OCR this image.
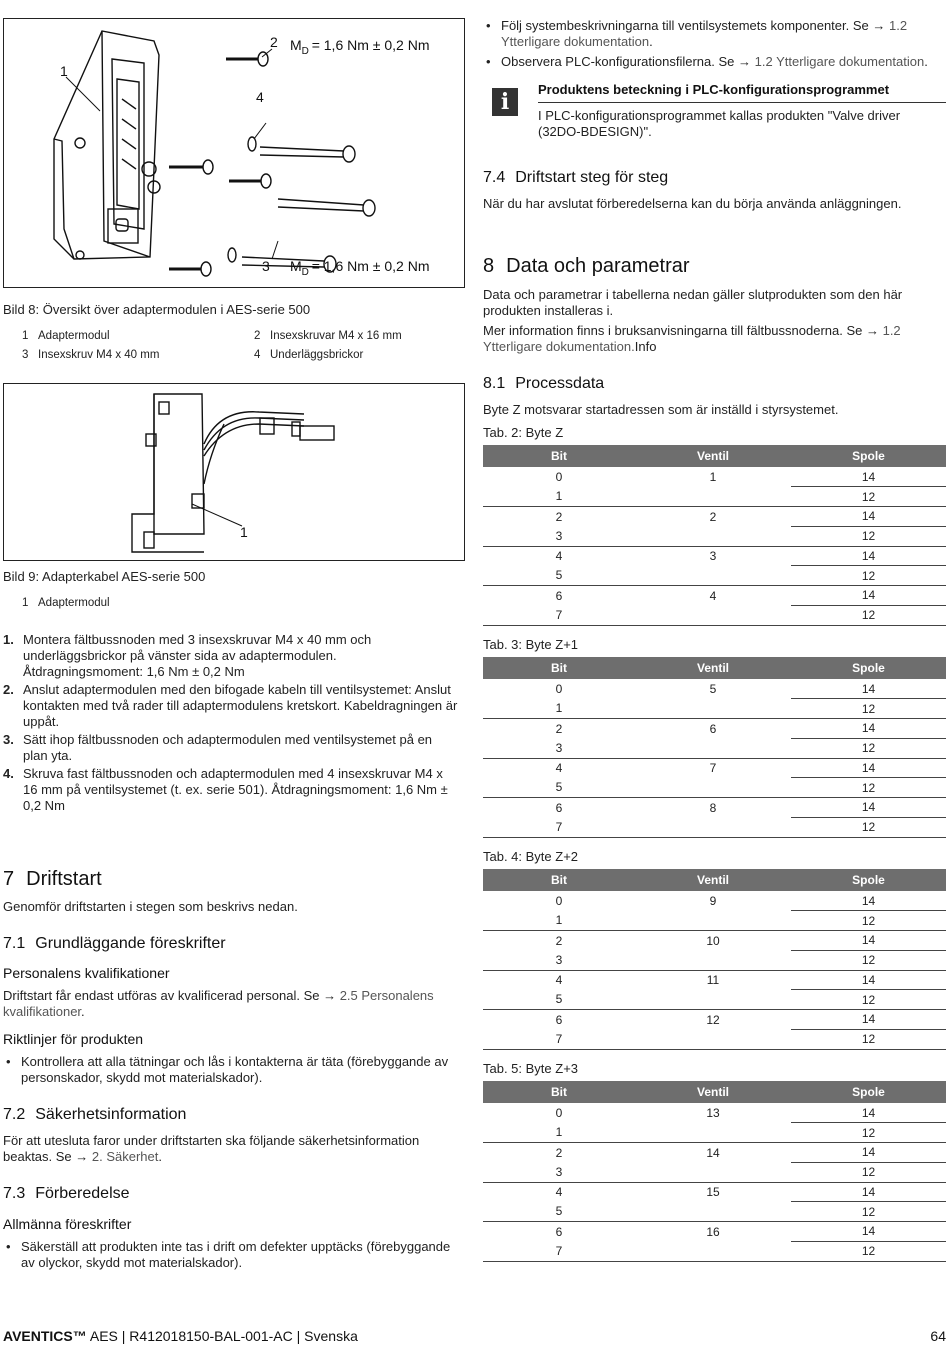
1
2
4
3
$M_D = 1,6$ Nm ± 0,2 Nm
$M_D = 1,6$ Nm ± 0,2 Nm
Bild 8: Översikt över adaptermodulen i AES-serie 500
1 Adaptermodul	2 Insexskruvar M4 x 16 mm
3 Insexskruv M4 x 40 mm	4 Underläggsbrickor
1
Bild 9: Adapterkabel AES-serie 500
1 Adaptermodul
1. Montera fältbussnoden med 3 insexskruvar M4 x 40 mm och underläggsbrickor på vänster sida av adaptermodulen. Åtdragningsmoment: 1,6 Nm ± 0,2 Nm
2. Anslut adaptermodulen med den bifogade kabeln till ventilsystemet: Anslut kontakten med två rader till adaptermodulens kretskort. Kabeldragningen är uppåt.
3. Sätt ihop fältbussnoden och adaptermodulen med ventilsystemet på en plan yta.
4. Skruva fast fältbussnoden och adaptermodulen med 4 insexskruvar M4 x 16 mm på ventilsystemet (t. ex. serie 501). Åtdragningsmoment: 1,6 Nm ± 0,2 Nm
7 Driftstart
Genomför driftstarten i stegen som beskrivs nedan.
7.1 Grundläggande föreskrifter
Personalens kvalifikationer
Driftstart får endast utföras av kvalificerad personal. Se → 2.5 Personalens kvalifikationer.
Riktlinjer för produkten
• Kontrollera att alla tätningar och lås i kontakterna är täta (förebyggande av personskador, skydd mot materialskador).
7.2 Säkerhetsinformation
För att utesluta faror under driftstarten ska följande säkerhetsinformation beaktas. Se → 2. Säkerhet.
7.3 Förberedelse
Allmänna föreskrifter
• Säkerställ att produkten inte tas i drift om defekter upptäcks (förebyggande av olyckor, skydd mot materialskador).
• Följ systembeskrivningarna till ventilsystemets komponenter. Se → 1.2 Ytterligare dokumentation.
• Observera PLC-konfigurationsfilerna. Se → 1.2 Ytterligare dokumentation.
i	Produktens beteckning i PLC-konfigurationsprogrammet
I PLC-konfigurationsprogrammet kallas produkten "Valve driver (32DO-BDESIGN)".
7.4 Driftstart steg för steg
När du har avslutat förberedelserna kan du börja använda anläggningen.
8 Data och parametrar
Data och parametrar i tabellerna nedan gäller slutprodukten som den här produkten installeras i.
Mer information finns i bruksanvisningarna till fältbussnoderna. Se → 1.2 Ytterligare dokumentation.Info
8.1 Processdata
Byte Z motsvarar startadressen som är inställd i styrsystemet.
Tab. 2: Byte Z
Bit	Ventil	Spole
0	1	14
1		12
2	2	14
3		12
4	3	14
5		12
6	4	14
7		12
Tab. 3: Byte Z+1
Bit	Ventil	Spole
0	5	14
1		12
2	6	14
3		12
4	7	14
5		12
6	8	14
7		12
Tab. 4: Byte Z+2
Bit	Ventil	Spole
0	9	14
1		12
2	10	14
3		12
4	11	14
5		12
6	12	14
7		12
Tab. 5: Byte Z+3
Bit	Ventil	Spole
0	13	14
1		12
2	14	14
3		12
4	15	14
5		12
6	16	14
7		12
AVENTICS™ AES | R412018150-BAL-001-AC | Svenska	64
